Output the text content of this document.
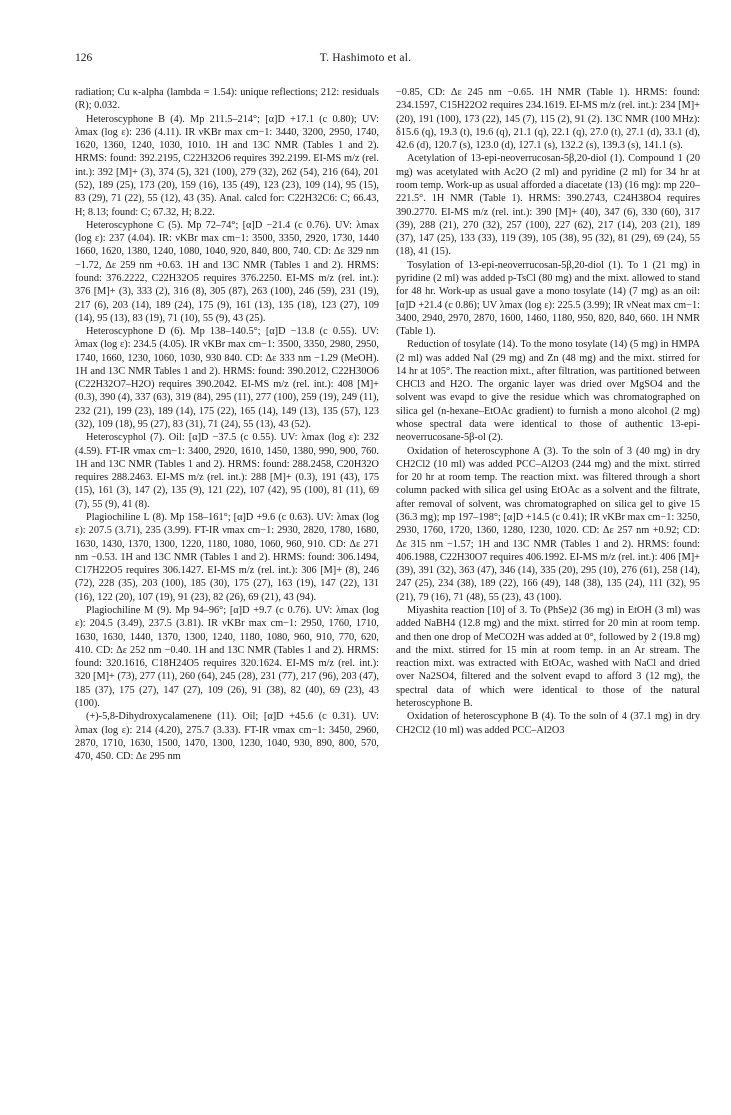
126	T. Hashimoto et al.

radiation; Cu κ-alpha (lambda = 1.54): unique reflections; 212: residuals (R); 0.032.

Heteroscyphone B (4). Mp 211.5–214°; [α]D +17.1 (c 0.80); UV: λmax (log ε): 236 (4.11). IR νKBr max cm−1: 3440, 3200, 2950, 1740, 1620, 1360, 1240, 1030, 1010. 1H and 13C NMR (Tables 1 and 2). HRMS: found: 392.2195, C22H32O6 requires 392.2199. EI-MS m/z (rel. int.): 392 [M]+ (3), 374 (5), 321 (100), 279 (32), 262 (54), 216 (64), 201 (52), 189 (25), 173 (20), 159 (16), 135 (49), 123 (23), 109 (14), 95 (15), 83 (29), 71 (22), 55 (12), 43 (35). Anal. calcd for: C22H32C6: C; 66.43, H; 8.13; found: C; 67.32, H; 8.22.

Heteroscyphone C (5). Mp 72–74°; [α]D −21.4 (c 0.76). UV: λmax (log ε): 237 (4.04). IR: νKBr max cm−1: 3500, 3350, 2920, 1730, 1440 1660, 1620, 1380, 1240, 1080, 1040, 920, 840, 800, 740. CD: Δε 329 nm −1.72, Δε 259 nm +0.63. 1H and 13C NMR (Tables 1 and 2). HRMS: found: 376.2222, C22H32O5 requires 376.2250. EI-MS m/z (rel. int.): 376 [M]+ (3), 333 (2), 316 (8), 305 (87), 263 (100), 246 (59), 231 (19), 217 (6), 203 (14), 189 (24), 175 (9), 161 (13), 135 (18), 123 (27), 109 (14), 95 (13), 83 (19), 71 (10), 55 (9), 43 (25).

Heteroscyphone D (6). Mp 138–140.5°; [α]D −13.8 (c 0.55). UV: λmax (log ε): 234.5 (4.05). IR νKBr max cm−1: 3500, 3350, 2980, 2950, 1740, 1660, 1230, 1060, 1030, 930 840. CD: Δε 333 nm −1.29 (MeOH). 1H and 13C NMR Tables 1 and 2). HRMS: found: 390.2012, C22H30O6 (C22H32O7–H2O) requires 390.2042. EI-MS m/z (rel. int.): 408 [M]+ (0.3), 390 (4), 337 (63), 319 (84), 295 (11), 277 (100), 259 (19), 249 (11), 232 (21), 199 (23), 189 (14), 175 (22), 165 (14), 149 (13), 135 (57), 123 (32), 109 (18), 95 (27), 83 (31), 71 (24), 55 (13), 43 (52).

Heteroscyphol (7). Oil: [α]D −37.5 (c 0.55). UV: λmax (log ε): 232 (4.59). FT-IR νmax cm−1: 3400, 2920, 1610, 1450, 1380, 990, 900, 760. 1H and 13C NMR (Tables 1 and 2). HRMS: found: 288.2458, C20H32O requires 288.2463. EI-MS m/z (rel. int.): 288 [M]+ (0.3), 191 (43), 175 (15), 161 (3), 147 (2), 135 (9), 121 (22), 107 (42), 95 (100), 81 (11), 69 (7), 55 (9), 41 (8).

Plagiochiline L (8). Mp 158–161°; [α]D +9.6 (c 0.63). UV: λmax (log ε): 207.5 (3.71), 235 (3.99). FT-IR νmax cm−1: 2930, 2820, 1780, 1680, 1630, 1430, 1370, 1300, 1220, 1180, 1080, 1060, 960, 910. CD: Δε 271 nm −0.53. 1H and 13C NMR (Tables 1 and 2). HRMS: found: 306.1494, C17H22O5 requires 306.1427. EI-MS m/z (rel. int.): 306 [M]+ (8), 246 (72), 228 (35), 203 (100), 185 (30), 175 (27), 163 (19), 147 (22), 131 (16), 122 (20), 107 (19), 91 (23), 82 (26), 69 (21), 43 (94).

Plagiochiline M (9). Mp 94–96°; [α]D +9.7 (c 0.76). UV: λmax (log ε): 204.5 (3.49), 237.5 (3.81). IR νKBr max cm−1: 2950, 1760, 1710, 1630, 1630, 1440, 1370, 1300, 1240, 1180, 1080, 960, 910, 770, 620, 410. CD: Δε 252 nm −0.40. 1H and 13C NMR (Tables 1 and 2). HRMS: found: 320.1616, C18H24O5 requires 320.1624. EI-MS m/z (rel. int.): 320 [M]+ (73), 277 (11), 260 (64), 245 (28), 231 (77), 217 (96), 203 (47), 185 (37), 175 (27), 147 (27), 109 (26), 91 (38), 82 (40), 69 (23), 43 (100).

(+)-5,8-Dihydroxycalamenene (11). Oil; [α]D +45.6 (c 0.31). UV: λmax (log ε): 214 (4.20), 275.7 (3.33). FT-IR νmax cm−1: 3450, 2960, 2870, 1710, 1630, 1500, 1470, 1300, 1230, 1040, 930, 890, 800, 570, 470, 450. CD: Δε 295 nm

−0.85, CD: Δε 245 nm −0.65. 1H NMR (Table 1). HRMS: found: 234.1597, C15H22O2 requires 234.1619. EI-MS m/z (rel. int.): 234 [M]+ (20), 191 (100), 173 (22), 145 (7), 115 (2), 91 (2). 13C NMR (100 MHz): δ15.6 (q), 19.3 (t), 19.6 (q), 21.1 (q), 22.1 (q), 27.0 (t), 27.1 (d), 33.1 (d), 42.6 (d), 120.7 (s), 123.0 (d), 127.1 (s), 132.2 (s), 139.3 (s), 141.1 (s).

Acetylation of 13-epi-neoverrucosan-5β,20-diol (1). Compound 1 (20 mg) was acetylated with Ac2O (2 ml) and pyridine (2 ml) for 34 hr at room temp. Work-up as usual afforded a diacetate (13) (16 mg): mp 220–221.5°. 1H NMR (Table 1). HRMS: 390.2743, C24H38O4 requires 390.2770. EI-MS m/z (rel. int.): 390 [M]+ (40), 347 (6), 330 (60), 317 (39), 288 (21), 270 (32), 257 (100), 227 (62), 217 (14), 203 (21), 189 (37), 147 (25), 133 (33), 119 (39), 105 (38), 95 (32), 81 (29), 69 (24), 55 (18), 41 (15).

Tosylation of 13-epi-neoverrucosan-5β,20-diol (1). To 1 (21 mg) in pyridine (2 ml) was added p-TsCl (80 mg) and the mixt. allowed to stand for 48 hr. Work-up as usual gave a mono tosylate (14) (7 mg) as an oil: [α]D +21.4 (c 0.86); UV λmax (log ε): 225.5 (3.99); IR νNeat max cm−1: 3400, 2940, 2970, 2870, 1600, 1460, 1180, 950, 820, 840, 660. 1H NMR (Table 1).

Reduction of tosylate (14). To the mono tosylate (14) (5 mg) in HMPA (2 ml) was added NaI (29 mg) and Zn (48 mg) and the mixt. stirred for 14 hr at 105°. The reaction mixt., after filtration, was partitioned between CHCl3 and H2O. The organic layer was dried over MgSO4 and the solvent was evapd to give the residue which was chromatographed on silica gel (n-hexane–EtOAc gradient) to furnish a mono alcohol (2 mg) whose spectral data were identical to those of authentic 13-epi-neoverrucosane-5β-ol (2).

Oxidation of heteroscyphone A (3). To the soln of 3 (40 mg) in dry CH2Cl2 (10 ml) was added PCC–Al2O3 (244 mg) and the mixt. stirred for 20 hr at room temp. The reaction mixt. was filtered through a short column packed with silica gel using EtOAc as a solvent and the filtrate, after removal of solvent, was chromatographed on silica gel to give 15 (36.3 mg); mp 197–198°; [α]D +14.5 (c 0.41); IR νKBr max cm−1: 3250, 2930, 1760, 1720, 1360, 1280, 1230, 1020. CD: Δε 257 nm +0.92; CD: Δε 315 nm −1.57; 1H and 13C NMR (Tables 1 and 2). HRMS: found: 406.1988, C22H30O7 requires 406.1992. EI-MS m/z (rel. int.): 406 [M]+ (39), 391 (32), 363 (47), 346 (14), 335 (20), 295 (10), 276 (61), 258 (14), 247 (25), 234 (38), 189 (22), 166 (49), 148 (38), 135 (24), 111 (32), 95 (21), 79 (16), 71 (48), 55 (23), 43 (100).

Miyashita reaction [10] of 3. To (PhSe)2 (36 mg) in EtOH (3 ml) was added NaBH4 (12.8 mg) and the mixt. stirred for 20 min at room temp. and then one drop of MeCO2H was added at 0°, followed by 2 (19.8 mg) and the mixt. stirred for 15 min at room temp. in an Ar stream. The reaction mixt. was extracted with EtOAc, washed with NaCl and dried over Na2SO4, filtered and the solvent evapd to afford 3 (12 mg), the spectral data of which were identical to those of the natural heteroscyphone B.

Oxidation of heteroscyphone B (4). To the soln of 4 (37.1 mg) in dry CH2Cl2 (10 ml) was added PCC–Al2O3
